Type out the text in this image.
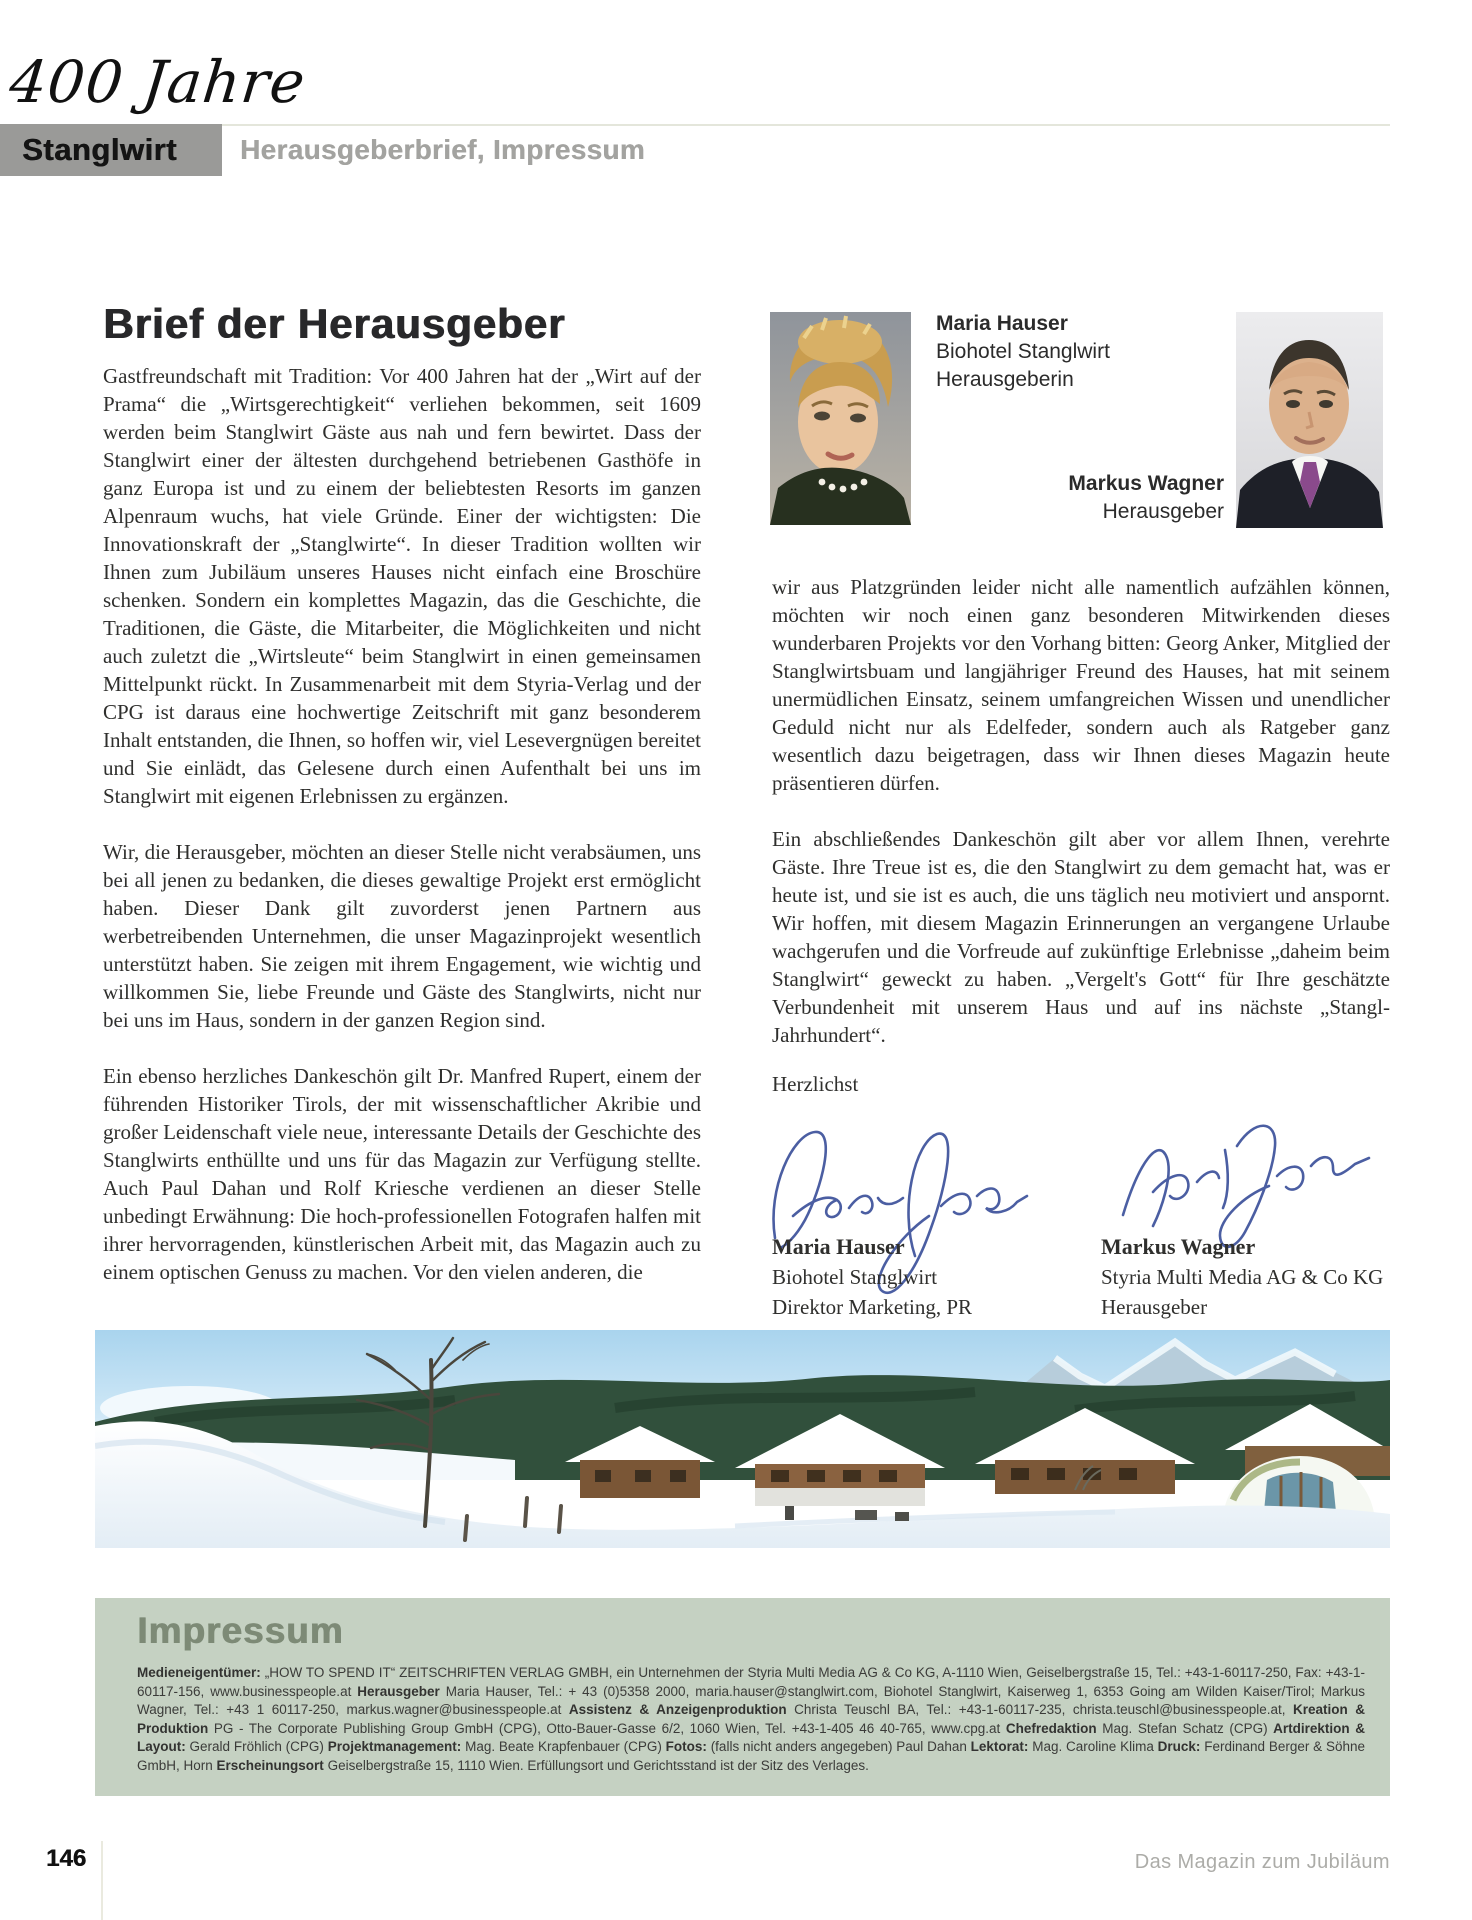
400 Jahre
Stanglwirt Herausgeberbrief, Impressum
Brief der Herausgeber

Gastfreundschaft mit Tradition: Vor 400 Jahren hat der „Wirt auf der Prama“ die „Wirtsgerechtigkeit“ verliehen bekommen, seit 1609 werden beim Stanglwirt Gäste aus nah und fern bewirtet. Dass der Stanglwirt einer der ältesten durchgehend betriebenen Gasthöfe in ganz Europa ist und zu einem der beliebtesten Resorts im ganzen Alpenraum wuchs, hat viele Gründe. Einer der wichtigsten: Die Innovationskraft der „Stanglwirte“. In dieser Tradition wollten wir Ihnen zum Jubiläum unseres Hauses nicht einfach eine Broschüre schenken. Sondern ein komplettes Magazin, das die Geschichte, die Traditionen, die Gäste, die Mitarbeiter, die Möglichkeiten und nicht auch zuletzt die „Wirtsleute“ beim Stanglwirt in einen gemeinsamen Mittelpunkt rückt. In Zusammenarbeit mit dem Styria-Verlag und der CPG ist daraus eine hochwertige Zeitschrift mit ganz besonderem Inhalt entstanden, die Ihnen, so hoffen wir, viel Lesevergnügen bereitet und Sie einlädt, das Gelesene durch einen Aufenthalt bei uns im Stanglwirt mit eigenen Erlebnissen zu ergänzen.

Wir, die Herausgeber, möchten an dieser Stelle nicht verabsäumen, uns bei all jenen zu bedanken, die dieses gewaltige Projekt erst ermöglicht haben. Dieser Dank gilt zuvorderst jenen Partnern aus werbetreibenden Unternehmen, die unser Magazinprojekt wesentlich unterstützt haben. Sie zeigen mit ihrem Engagement, wie wichtig und willkommen Sie, liebe Freunde und Gäste des Stanglwirts, nicht nur bei uns im Haus, sondern in der ganzen Region sind.

Ein ebenso herzliches Dankeschön gilt Dr. Manfred Rupert, einem der führenden Historiker Tirols, der mit wissenschaftlicher Akribie und großer Leidenschaft viele neue, interessante Details der Geschichte des Stanglwirts enthüllte und uns für das Magazin zur Verfügung stellte. Auch Paul Dahan und Rolf Kriesche verdienen an dieser Stelle unbedingt Erwähnung: Die hoch-professionellen Fotografen halfen mit ihrer hervorragenden, künstlerischen Arbeit mit, das Magazin auch zu einem optischen Genuss zu machen. Vor den vielen anderen, die

wir aus Platzgründen leider nicht alle namentlich aufzählen können, möchten wir noch einen ganz besonderen Mitwirkenden dieses wunderbaren Projekts vor den Vorhang bitten: Georg Anker, Mitglied der Stanglwirtsbuam und langjähriger Freund des Hauses, hat mit seinem unermüdlichen Einsatz, seinem umfangreichen Wissen und unendlicher Geduld nicht nur als Edelfeder, sondern auch als Ratgeber ganz wesentlich dazu beigetragen, dass wir Ihnen dieses Magazin heute präsentieren dürfen.

Ein abschließendes Dankeschön gilt aber vor allem Ihnen, verehrte Gäste. Ihre Treue ist es, die den Stanglwirt zu dem gemacht hat, was er heute ist, und sie ist es auch, die uns täglich neu motiviert und anspornt. Wir hoffen, mit diesem Magazin Erinnerungen an vergangene Urlaube wachgerufen und die Vorfreude auf zukünftige Erlebnisse „daheim beim Stanglwirt“ geweckt zu haben. „Vergelt's Gott“ für Ihre geschätzte Verbundenheit mit unserem Haus und auf ins nächste „Stangl-Jahrhundert“.

Herzlichst
Maria Hauser
Biohotel Stanglwirt
Herausgeberin
Markus Wagner
Herausgeber
Maria Hauser
Biohotel Stanglwirt
Direktor Marketing, PR
Markus Wagner
Styria Multi Media AG & Co KG
Herausgeber
Impressum
Medieneigentümer: „HOW TO SPEND IT“ ZEITSCHRIFTEN VERLAG GMBH, ein Unternehmen der Styria Multi Media AG & Co KG, A-1110 Wien, Geiselbergstraße 15, Tel.: +43-1-60117-250, Fax: +43-1-60117-156, www.businesspeople.at Herausgeber Maria Hauser, Tel.: + 43 (0)5358 2000, maria.hauser@stanglwirt.com, Biohotel Stanglwirt, Kaiserweg 1, 6353 Going am Wilden Kaiser/Tirol; Markus Wagner, Tel.: +43 1 60117-250, markus.wagner@businesspeople.at Assistenz & Anzeigenproduktion Christa Teuschl BA, Tel.: +43-1-60117-235, christa.teuschl@businesspeople.at, Kreation & Produktion PG - The Corporate Publishing Group GmbH (CPG), Otto-Bauer-Gasse 6/2, 1060 Wien, Tel. +43-1-405 46 40-765, www.cpg.at Chefredaktion Mag. Stefan Schatz (CPG) Artdirektion & Layout: Gerald Fröhlich (CPG) Projektmanagement: Mag. Beate Krapfenbauer (CPG) Fotos: (falls nicht anders angegeben) Paul Dahan Lektorat: Mag. Caroline Klima Druck: Ferdinand Berger & Söhne GmbH, Horn Erscheinungsort Geiselbergstraße 15, 1110 Wien. Erfüllungsort und Gerichtsstand ist der Sitz des Verlages.
146	Das Magazin zum Jubiläum
